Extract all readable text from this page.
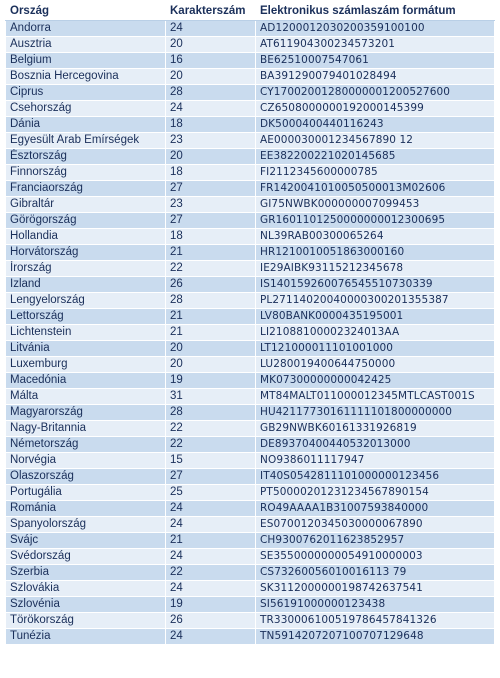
Ország	Karakterszám	Elektronikus számlaszám formátum
Andorra	24	AD1200012030200359100100
Ausztria	20	AT611904300234573201
Belgium	16	BE62510007547061
Bosznia Hercegovina	20	BA391290079401028494
Ciprus	28	CY17002001280000001200527600
Csehország	24	CZ6508000000192000145399
Dánia	18	DK5000400440116243
Egyesült Arab Emírségek	23	AE000030001234567890 12
Észtország	20	EE382200221020145685
Finnország	18	FI2112345600000785
Franciaország	27	FR1420041010050500013M02606
Gibraltár	23	GI75NWBK000000007099453
Görögország	27	GR1601101250000000012300695
Hollandia	18	NL39RAB00300065264
Horvátország	21	HR1210010051863000160
Írország	22	IE29AIBK93115212345678
Izland	26	IS140159260076545510730339
Lengyelország	28	PL27114020040000300201355387
Lettország	21	LV80BANK0000435195001
Lichtenstein	21	LI21088100002324013AA
Litvánia	20	LT121000011101001000
Luxemburg	20	LU280019400644750000
Macedónia	19	MK07300000000042425
Málta	31	MT84MALT011000012345MTLCAST001S
Magyarország	28	HU42117730161111101800000000
Nagy-Britannia	22	GB29NWBK60161331926819
Németország	22	DE89370400440532013000
Norvégia	15	NO9386011117947
Olaszország	27	IT40S0542811101000000123456
Portugália	25	PT50000201231234567890154
Románia	24	RO49AAAA1B31007593840000
Spanyolország	24	ES0700120345030000067890
Svájc	21	CH9300762011623852957
Svédország	24	SE3550000000054910000003
Szerbia	22	CS73260056010016113 79
Szlovákia	24	SK3112000000198742637541
Szlovénia	19	SI56191000000123438
Törökország	26	TR330006100519786457841326
Tunézia	24	TN5914207207100707129648
